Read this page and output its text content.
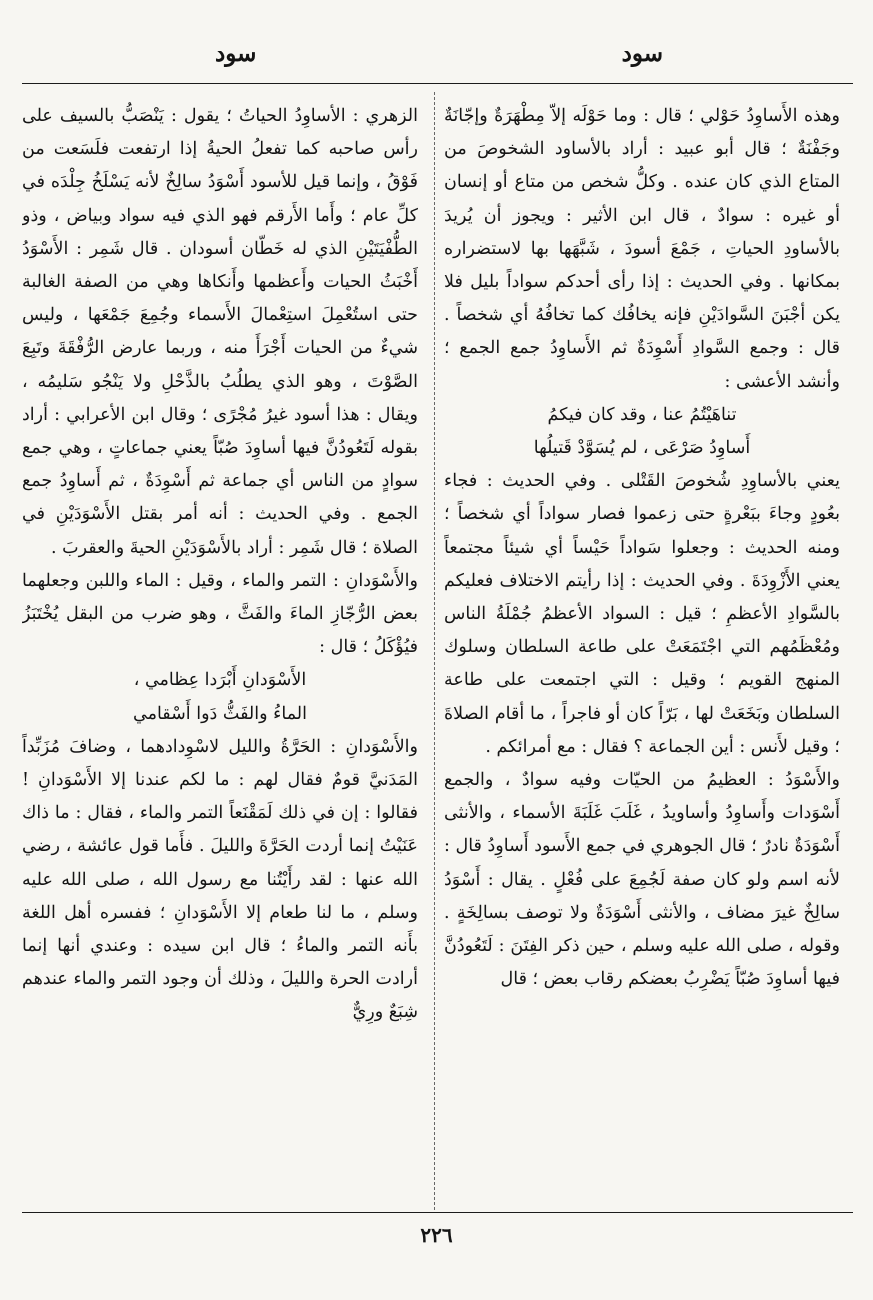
سود
سود

وهذه الأَساوِدُ حَوْلي ؛ قال : وما حَوْلَه إلاّ مِطْهَرَةٌ وإجّانَةٌ وجَفْنَةٌ ؛ قال أبو عبيد : أراد بالأساود الشخوصَ من المتاع الذي كان عنده . وكلُّ شخص من متاع أو إنسان أو غيره : سوادٌ ، قال ابن الأثير : ويجوز أن يُريدَ بالأساودِ الحياتِ ، جَمْعَ أسودَ ، شَبَّهَها بها لاستضراره بمكانها . وفي الحديث : إذا رأى أحدكم سواداً بليل فلا يكن أجْبَنَ السَّوادَيْنِ فإنه يخافُك كما تخافُهُ أي شخصاً . قال : وجمع السَّوادِ أَسْوِدَةٌ ثم الأَساوِدُ جمع الجمع ؛ وأنشد الأعشى :

تناهَيْتُمُ عنا ، وقد كان فيكمُ

أَساوِدُ صَرْعَى ، لم يُسَوَّدْ قَتيلُها

يعني بالأساوِدِ شُخوصَ القَتْلى . وفي الحديث : فجاء بعُودٍ وجاءَ ببَعْرةٍ حتى زعموا فصار سواداً أي شخصاً ؛ ومنه الحديث : وجعلوا سَواداً حَيْساً أي شيئاً مجتمعاً يعني الأَزْوِدَةَ . وفي الحديث : إذا رأيتم الاختلاف فعليكم بالسَّوادِ الأعظمِ ؛ قيل : السواد الأعظمُ جُمْلَةُ الناس ومُعْظَمُهم التي اجْتَمَعَتْ على طاعة السلطان وسلوك المنهج القويم ؛ وقيل : التي اجتمعت على طاعة السلطان وبَخَعَتْ لها ، بَرّاً كان أو فاجراً ، ما أقام الصلاةَ ؛ وقيل لأَنس : أين الجماعة ؟ فقال : مع أمرائكم .

والأَسْوَدُ : العظيمُ من الحيّات وفيه سوادٌ ، والجمع أَسْوَدات وأَساوِدُ وأساويدُ ، غَلَبَ غَلَبَةَ الأسماء ، والأنثى أَسْوَدَةٌ نادرٌ ؛ قال الجوهري في جمع الأَسود أَساوِدُ قال : لأنه اسم ولو كان صفة لَجُمِعَ على فُعْلٍ . يقال : أَسْوَدُ سالِخٌ غيرَ مضاف ، والأنثى أَسْوَدَةٌ ولا توصف بسالِخَةٍ . وقوله ، صلى الله عليه وسلم ، حين ذكر الفِتَنَ : لَتَعُودُنَّ فيها أساوِدَ صُبّاً يَضْرِبُ بعضكم رقاب بعض ؛ قال

الزهري : الأساوِدُ الحياتُ ؛ يقول : يَنْصَبُّ بالسيف على رأس صاحبه كما تفعلُ الحيةُ إذا ارتفعت فلَسَعت من فَوْقُ ، وإنما قيل للأسود أَسْوَدُ سالِخٌ لأنه يَسْلَخُ جِلْدَه في كلِّ عام ؛ وأَما الأَرقم فهو الذي فيه سواد وبياض ، وذو الطُّفْيَتَيْنِ الذي له خَطّان أسودان . قال شَمِر : الأَسْوَدُ أَخْبَثُ الحيات وأَعظمها وأَنكاها وهي من الصفة الغالبة حتى استُعْمِلَ استِعْمالَ الأَسماء وجُمِعَ جَمْعَها ، وليس شيءٌ من الحيات أَجْرَأَ منه ، وربما عارض الرُّفْقَةَ وتَبِعَ الصَّوْتَ ، وهو الذي يطلُبُ بالذَّحْلِ ولا يَنْجُو سَليمُه ، ويقال : هذا أسود غيرُ مُجْرًى ؛ وقال ابن الأعرابي : أراد بقوله لَتَعُودُنَّ فيها أساوِدَ صُبّاً يعني جماعاتٍ ، وهي جمع سوادٍ من الناس أي جماعة ثم أَسْوِدَةٌ ، ثم أَساوِدُ جمع الجمع . وفي الحديث : أنه أمر بقتل الأَسْوَدَيْنِ في الصلاة ؛ قال شَمِر : أراد بالأَسْوَدَيْنِ الحيةَ والعقربَ .

والأَسْوَدانِ : التمر والماء ، وقيل : الماء واللبن وجعلهما بعض الرُّجّازِ الماءَ والفَثَّ ، وهو ضرب من البقل يُخْتَبَزُ فيُؤْكَلُ ؛ قال :

الأَسْوَدانِ أَبْرَدا عِظامي ،

الماءُ والفَثُّ دَوا أَسْقامي

والأَسْوَدانِ : الحَرَّةُ والليل لاسْوِدادهما ، وضافَ مُزَبِّداً المَدَنيَّ قومٌ فقال لهم : ما لكم عندنا إلا الأَسْوَدانِ ! فقالوا : إن في ذلك لَمَقْنَعاً التمر والماء ، فقال : ما ذاك عَنَيْتُ إنما أردت الحَرَّةَ والليلَ . فأَما قول عائشة ، رضي الله عنها : لقد رأَيْتُنا مع رسول الله ، صلى الله عليه وسلم ، ما لنا طعام إلا الأَسْوَدانِ ؛ ففسره أهل اللغة بأَنه التمر والماءُ ؛ قال ابن سيده : وعندي أنها إنما أرادت الحرة والليلَ ، وذلك أن وجود التمر والماء عندهم شِبَعٌ ورِيٌّ

٢٢٦
